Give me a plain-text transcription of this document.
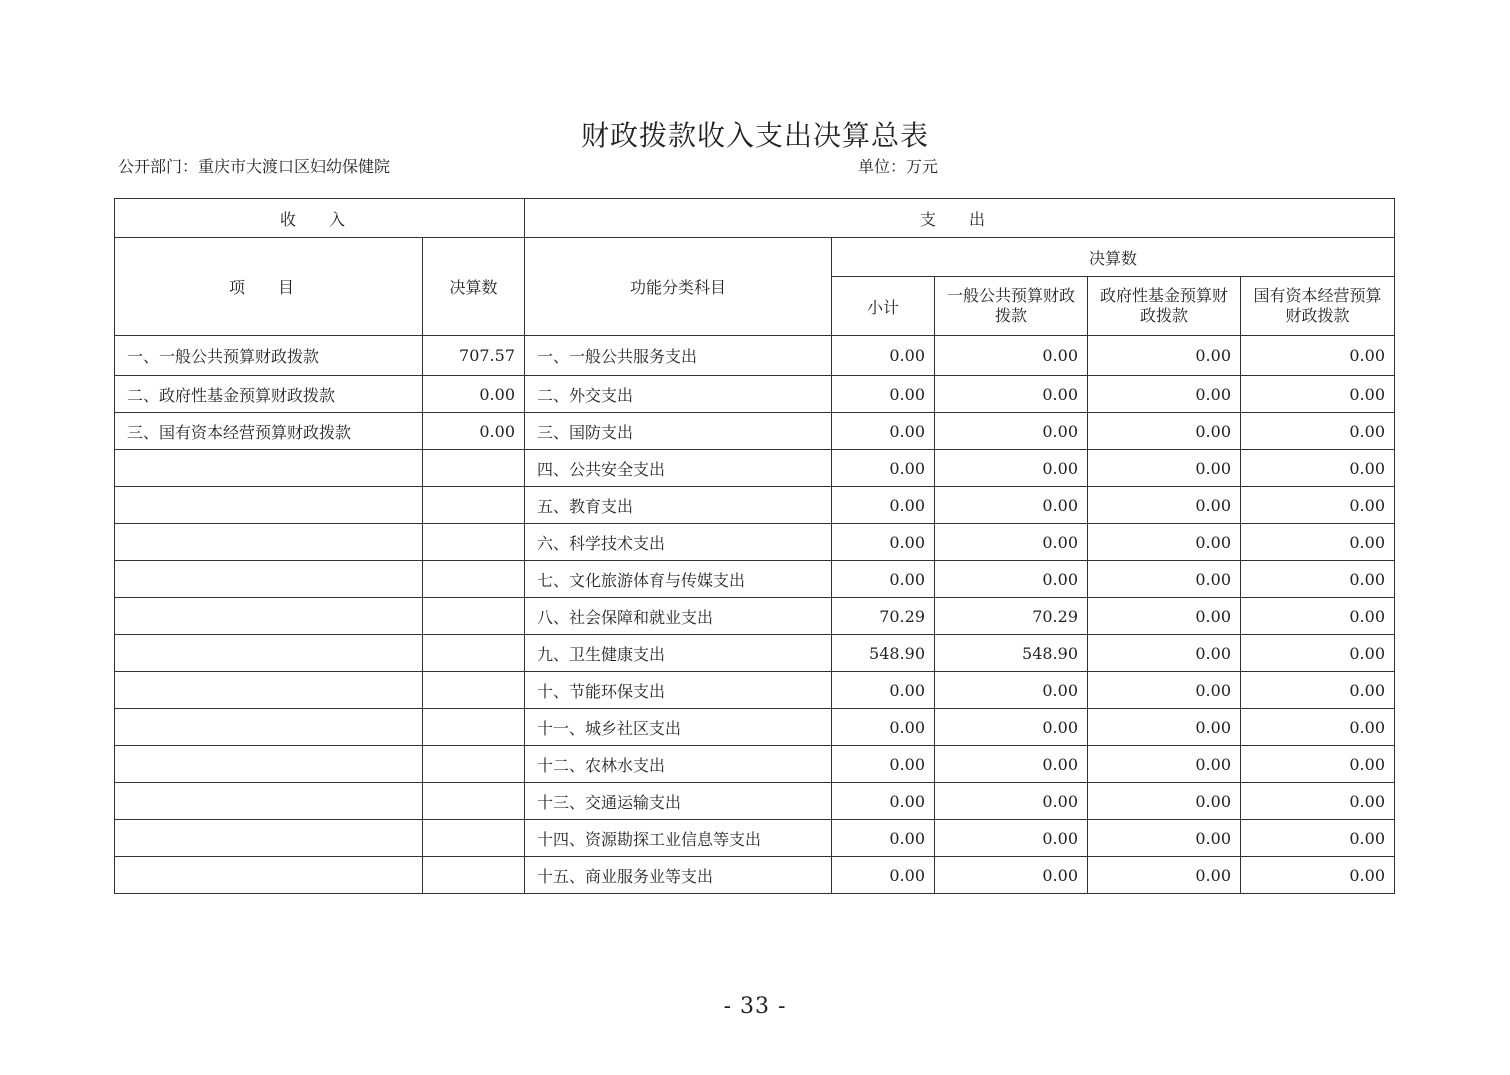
财政拨款收入支出决算总表
公开部门：重庆市大渡口区妇幼保健院	单位：万元
收 入		支 出				
项 目	决算数	功能分类科目	决算数			
			小计	一般公共预算财政拨款	政府性基金预算财政拨款	国有资本经营预算财政拨款
一、一般公共预算财政拨款	707.57	一、一般公共服务支出	0.00	0.00	0.00	0.00
二、政府性基金预算财政拨款	0.00	二、外交支出	0.00	0.00	0.00	0.00
三、国有资本经营预算财政拨款	0.00	三、国防支出	0.00	0.00	0.00	0.00
		四、公共安全支出	0.00	0.00	0.00	0.00
		五、教育支出	0.00	0.00	0.00	0.00
		六、科学技术支出	0.00	0.00	0.00	0.00
		七、文化旅游体育与传媒支出	0.00	0.00	0.00	0.00
		八、社会保障和就业支出	70.29	70.29	0.00	0.00
		九、卫生健康支出	548.90	548.90	0.00	0.00
		十、节能环保支出	0.00	0.00	0.00	0.00
		十一、城乡社区支出	0.00	0.00	0.00	0.00
		十二、农林水支出	0.00	0.00	0.00	0.00
		十三、交通运输支出	0.00	0.00	0.00	0.00
		十四、资源勘探工业信息等支出	0.00	0.00	0.00	0.00
		十五、商业服务业等支出	0.00	0.00	0.00	0.00
- 33 -
